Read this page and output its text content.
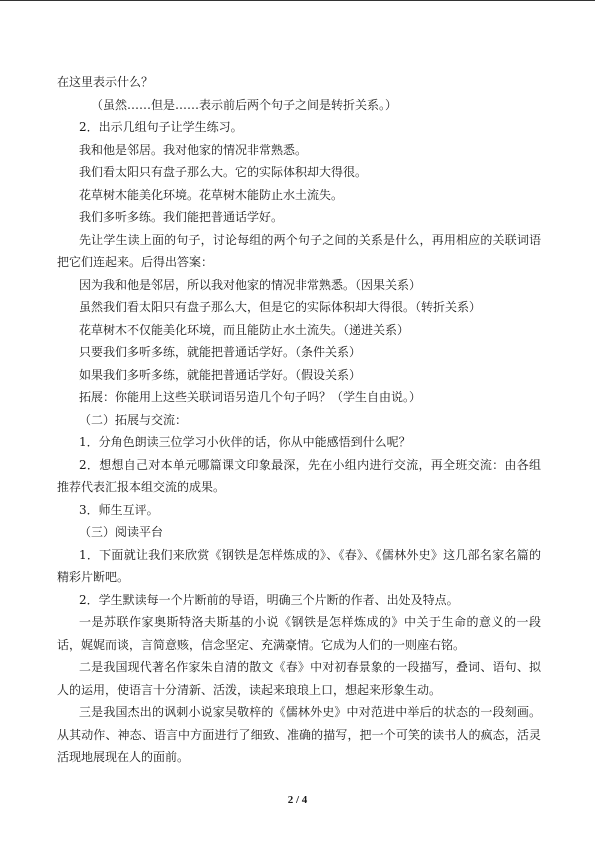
在这里表示什么？

（虽然……但是……表示前后两个句子之间是转折关系。）

2．出示几组句子让学生练习。

我和他是邻居。我对他家的情况非常熟悉。

我们看太阳只有盘子那么大。它的实际体积却大得很。

花草树木能美化环境。花草树木能防止水土流失。

我们多听多练。我们能把普通话学好。

先让学生读上面的句子，讨论每组的两个句子之间的关系是什么，再用相应的关联词语把它们连起来。后得出答案：

因为我和他是邻居，所以我对他家的情况非常熟悉。（因果关系）

虽然我们看太阳只有盘子那么大，但是它的实际体积却大得很。（转折关系）

花草树木不仅能美化环境，而且能防止水土流失。（递进关系）

只要我们多听多练，就能把普通话学好。（条件关系）

如果我们多听多练，就能把普通话学好。（假设关系）

拓展：你能用上这些关联词语另造几个句子吗？（学生自由说。）

（二）拓展与交流：

1．分角色朗读三位学习小伙伴的话，你从中能感悟到什么呢？

2．想想自己对本单元哪篇课文印象最深，先在小组内进行交流，再全班交流：由各组推荐代表汇报本组交流的成果。

3．师生互评。

（三）阅读平台

1．下面就让我们来欣赏《钢铁是怎样炼成的》、《春》、《儒林外史》这几部名家名篇的精彩片断吧。

2．学生默读每一个片断前的导语，明确三个片断的作者、出处及特点。

一是苏联作家奥斯特洛夫斯基的小说《钢铁是怎样炼成的》中关于生命的意义的一段话，娓娓而谈，言简意赅，信念坚定、充满豪情。它成为人们的一则座右铭。

二是我国现代著名作家朱自清的散文《春》中对初春景象的一段描写，叠词、语句、拟人的运用，使语言十分清新、活泼，读起来琅琅上口，想起来形象生动。

三是我国杰出的讽刺小说家吴敬梓的《儒林外史》中对范进中举后的状态的一段刻画。从其动作、神态、语言中方面进行了细致、准确的描写，把一个可笑的读书人的疯态，活灵活现地展现在人的面前。

2 / 4
